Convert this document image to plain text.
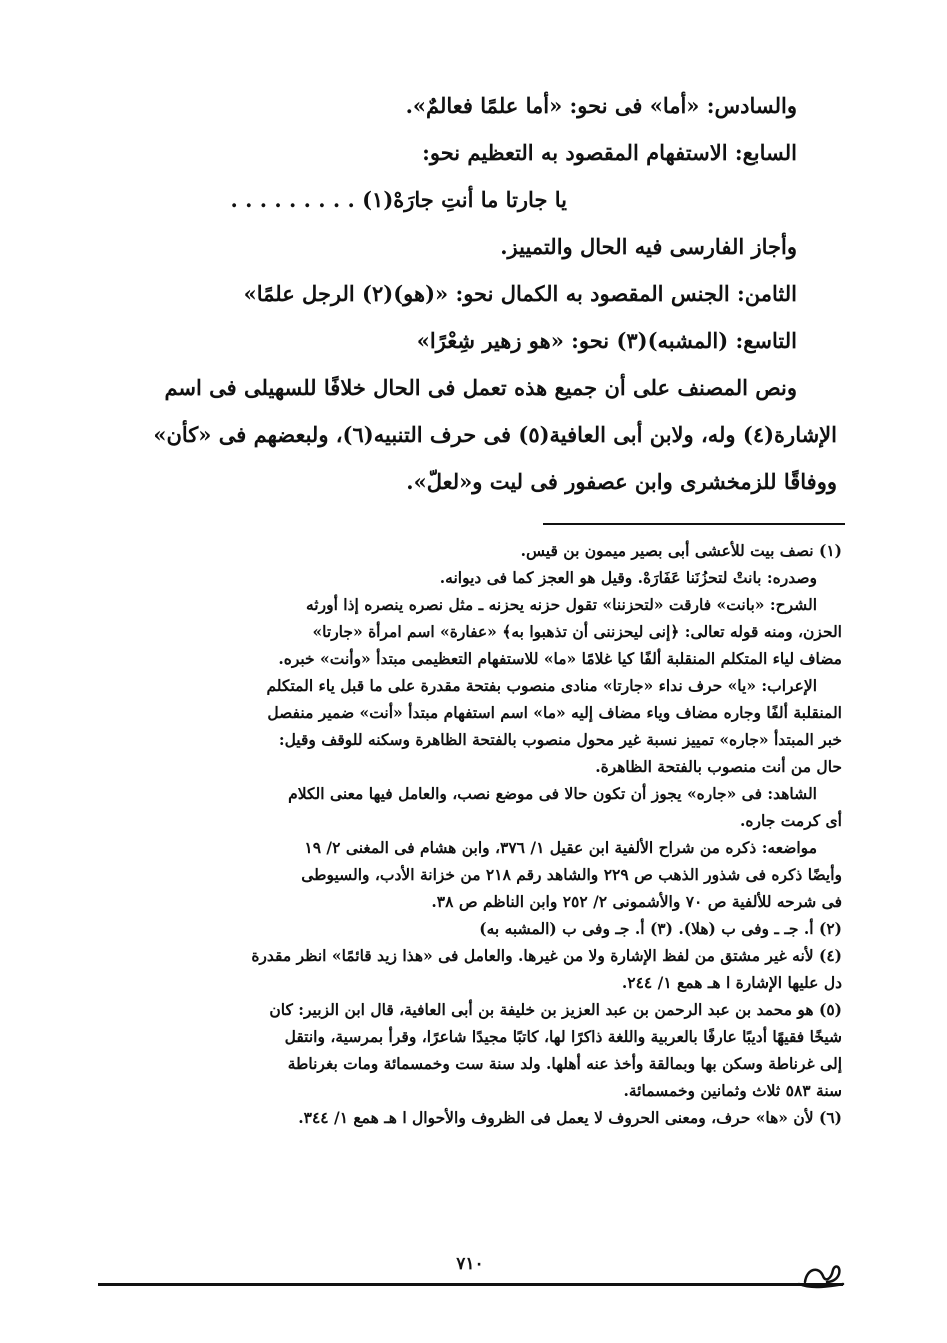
والسادس: «أما» فى نحو: «أما علمًا فعالمٌ».
السابع: الاستفهام المقصود به التعظيم نحو:
يا جارتا ما أنتِ جارَهْ(١) . . . . . . . . .
وأجاز الفارسى فيه الحال والتمييز.
الثامن: الجنس المقصود به الكمال نحو: «(هو)(٢) الرجل علمًا»
التاسع: (المشبه)(٣) نحو: «هو زهير شِعْرًا»
ونص المصنف على أن جميع هذه تعمل فى الحال خلافًا للسهيلى فى اسم
الإشارة(٤) وله، ولابن أبى العافية(٥) فى حرف التنبيه(٦)، ولبعضهم فى «كأن»
ووفاقًا للزمخشرى وابن عصفور فى ليت و«لعلّ».
(١) نصف بيت للأعشى أبى بصير ميمون بن قيس.
وصدره: بانتْ لتحزُنَنا عَفَارَهْ. وقيل هو العجز كما فى ديوانه.
الشرح: «بانت» فارقت «لتحزننا» تقول حزنه يحزنه ـ مثل نصره ينصره إذا أورثه
الحزن، ومنه قوله تعالى: ﴿إنى ليحزننى أن تذهبوا به﴾ «عفارة» اسم امرأة «جارتا»
مضاف لياء المتكلم المنقلبة ألفًا كيا غلامًا «ما» للاستفهام التعظيمى مبتدأ «وأنت» خبره.
الإعراب: «يا» حرف نداء «جارتا» منادى منصوب بفتحة مقدرة على ما قبل ياء المتكلم
المنقلبة ألفًا وجاره مضاف وياء مضاف إليه «ما» اسم استفهام مبتدأ «أنت» ضمير منفصل
خبر المبتدأ «جاره» تمييز نسبة غير محول منصوب بالفتحة الظاهرة وسكنه للوقف وقيل:
حال من أنت منصوب بالفتحة الظاهرة.
الشاهد: فى «جاره» يجوز أن تكون حالا فى موضع نصب، والعامل فيها معنى الكلام
أى كرمت جاره.
مواضعه: ذكره من شراح الألفية ابن عقيل ١/ ٣٧٦، وابن هشام فى المغنى ٢/ ١٩
وأيضًا ذكره فى شذور الذهب ص ٢٢٩ والشاهد رقم ٢١٨ من خزانة الأدب، والسيوطى
فى شرحه للألفية ص ٧٠ والأشمونى ٢/ ٢٥٢ وابن الناظم ص ٣٨.
(٢) أ. جـ ـ وفى ب (هلا). (٣) أ. جـ وفى ب (المشبه به)
(٤) لأنه غير مشتق من لفظ الإشارة ولا من غيرها. والعامل فى «هذا زيد قائمًا» انظر مقدرة
دل عليها الإشارة ا هـ همع ١/ ٢٤٤.
(٥) هو محمد بن عبد الرحمن بن عبد العزيز بن خليفة بن أبى العافية، قال ابن الزبير: كان
شيخًا فقيهًا أديبًا عارفًا بالعربية واللغة ذاكرًا لها، كاتبًا مجيدًا شاعرًا، وقرأ بمرسية، وانتقل
إلى غرناطة وسكن بها وبمالقة وأخذ عنه أهلها. ولد سنة ست وخمسمائة ومات بغرناطة
سنة ٥٨٣ ثلاث وثمانين وخمسمائة.
(٦) لأن «ها» حرف، ومعنى الحروف لا يعمل فى الظروف والأحوال ا هـ همع ١/ ٣٤٤.
٧١٠
